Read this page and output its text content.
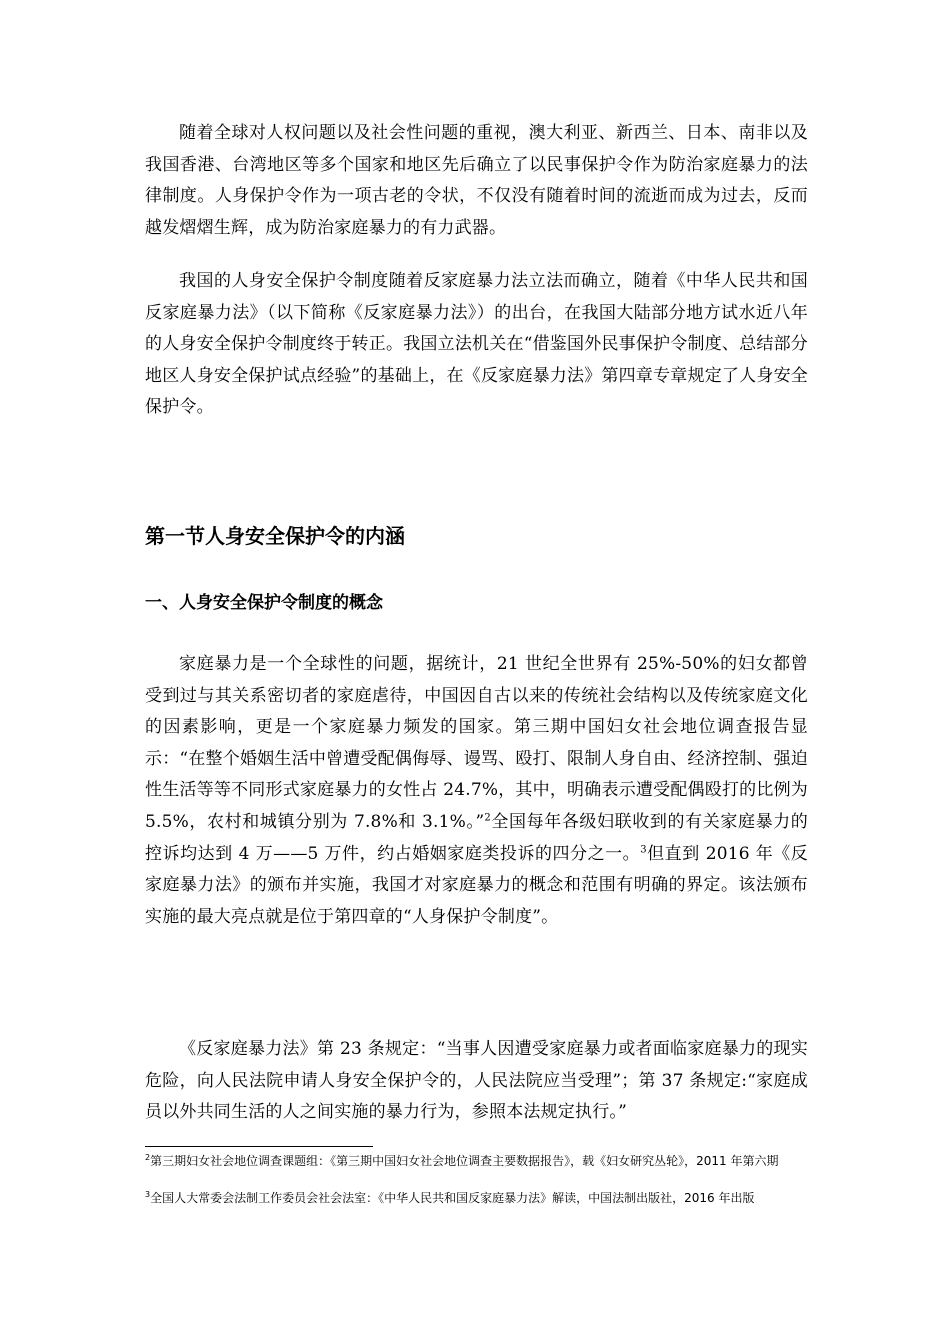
随着全球对人权问题以及社会性问题的重视，澳大利亚、新西兰、日本、南非以及我国香港、台湾地区等多个国家和地区先后确立了以民事保护令作为防治家庭暴力的法律制度。人身保护令作为一项古老的令状，不仅没有随着时间的流逝而成为过去，反而越发熠熠生辉，成为防治家庭暴力的有力武器。

我国的人身安全保护令制度随着反家庭暴力法立法而确立，随着《中华人民共和国反家庭暴力法》（以下简称《反家庭暴力法》）的出台，在我国大陆部分地方试水近八年的人身安全保护令制度终于转正。我国立法机关在“借鉴国外民事保护令制度、总结部分地区人身安全保护试点经验”的基础上，在《反家庭暴力法》第四章专章规定了人身安全保护令。

第一节人身安全保护令的内涵
一、人身安全保护令制度的概念

家庭暴力是一个全球性的问题，据统计，21 世纪全世界有 25%-50%的妇女都曾受到过与其关系密切者的家庭虐待，中国因自古以来的传统社会结构以及传统家庭文化的因素影响，更是一个家庭暴力频发的国家。第三期中国妇女社会地位调查报告显示：“在整个婚姻生活中曾遭受配偶侮辱、谩骂、殴打、限制人身自由、经济控制、强迫性生活等等不同形式家庭暴力的女性占 24.7%，其中，明确表示遭受配偶殴打的比例为 5.5%，农村和城镇分别为 7.8%和 3.1%。”$^2$全国每年各级妇联收到的有关家庭暴力的控诉均达到 4 万——5 万件，约占婚姻家庭类投诉的四分之一。$^3$但直到 2016 年《反家庭暴力法》的颁布并实施，我国才对家庭暴力的概念和范围有明确的界定。该法颁布实施的最大亮点就是位于第四章的“人身保护令制度”。

《反家庭暴力法》第 23 条规定：“当事人因遭受家庭暴力或者面临家庭暴力的现实危险，向人民法院申请人身安全保护令的，人民法院应当受理”；第 37 条规定:“家庭成员以外共同生活的人之间实施的暴力行为，参照本法规定执行。”

$^2$第三期妇女社会地位调查课题组：《第三期中国妇女社会地位调查主要数据报告》，载《妇女研究丛轮》，2011 年第六期

$^3$全国人大常委会法制工作委员会社会法室：《中华人民共和国反家庭暴力法》解读，中国法制出版社，2016 年出版
